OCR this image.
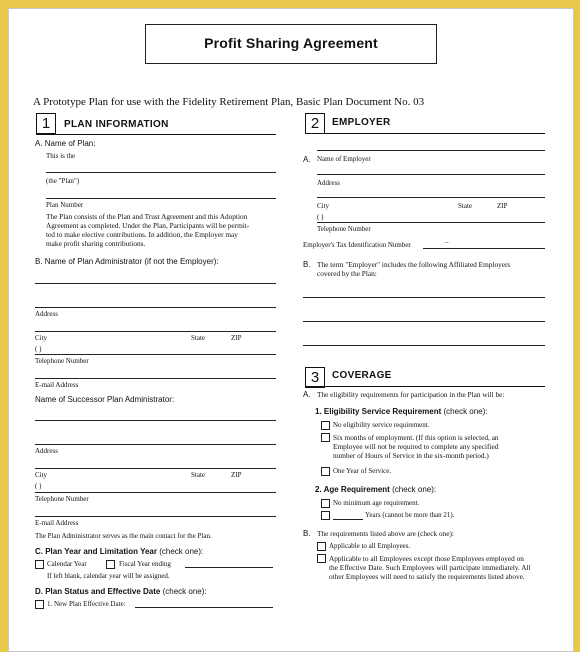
Profit Sharing Agreement
A Prototype Plan for use with the Fidelity Retirement Plan, Basic Plan Document No. 03
1	PLAN INFORMATION
A. Name of Plan:
This is the
(the "Plan")
Plan Number
The Plan consists of the Plan and Trust Agreement and this Adoption
Agreement as completed. Under the Plan, Participants will be permit-
ted to make elective contributions. In addition, the Employer may
make profit sharing contributions.
B. Name of Plan Administrator (if not the Employer):
Address
City	State	ZIP
( )
Telephone Number
E-mail Address
Name of Successor Plan Administrator:
Address
City	State	ZIP
( )
Telephone Number
E-mail Address
The Plan Administrator serves as the main contact for the Plan.
C. Plan Year and Limitation Year (check one):
Calendar Year	Fiscal Year ending
If left blank, calendar year will be assigned.
D. Plan Status and Effective Date (check one):
1. New Plan Effective Date:
2	EMPLOYER
A. Name of Employer
Address
City	State	ZIP
( )
Telephone Number
Employer's Tax Identification Number	–
B. The term "Employer" includes the following Affiliated Employers
covered by the Plan:
3	COVERAGE
A. The eligibility requirements for participation in the Plan will be:
1. Eligibility Service Requirement (check one):
No eligibility service requirement.
Six months of employment. (If this option is selected, an
Employee will not be required to complete any specified
number of Hours of Service in the six-month period.)
One Year of Service.
2. Age Requirement (check one):
No minimum age requirement.
Years (cannot be more than 21).
B. The requirements listed above are (check one):
Applicable to all Employees.
Applicable to all Employees except those Employees employed on
the Effective Date. Such Employees will participate immediately. All
other Employees will need to satisfy the requirements listed above.
